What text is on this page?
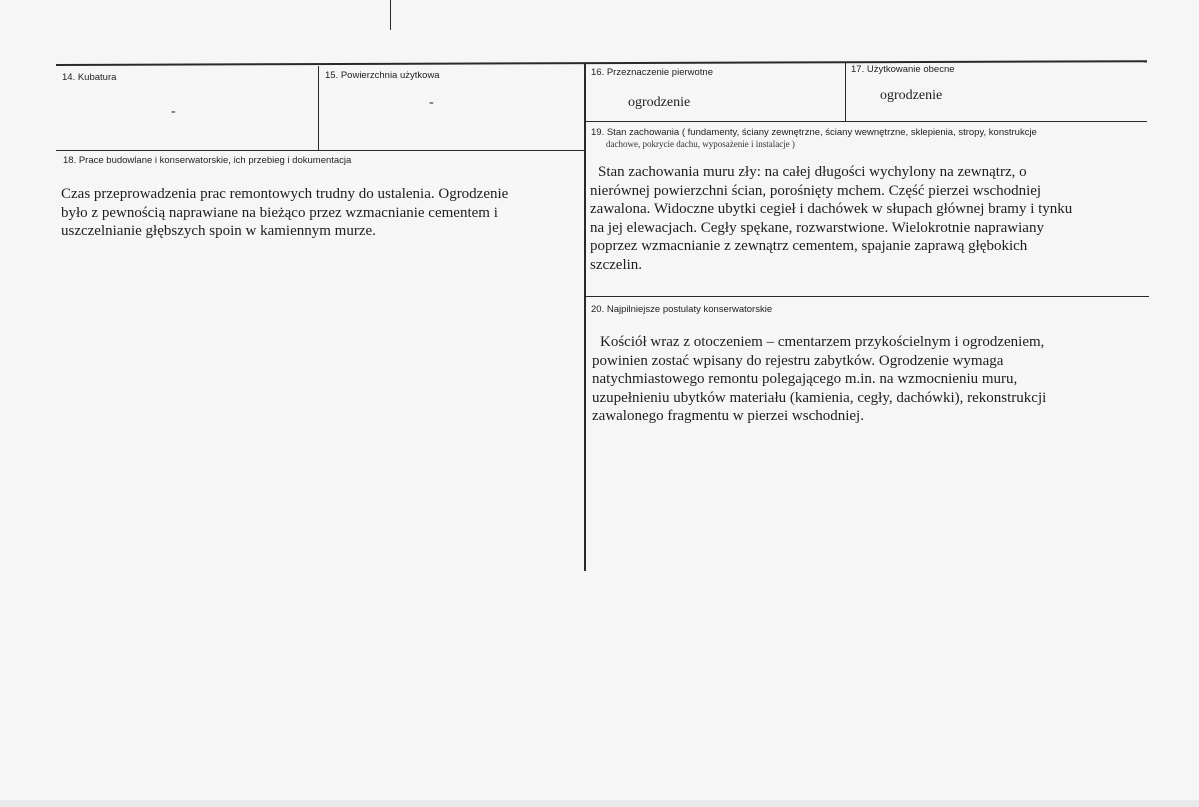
14. Kubatura
-
15. Powierzchnia użytkowa
-
16. Przeznaczenie pierwotne
ogrodzenie
17. Użytkowanie obecne
ogrodzenie
18. Prace budowlane i konserwatorskie, ich przebieg i dokumentacja
Czas przeprowadzenia prac remontowych trudny do ustalenia. Ogrodzenie
było z pewnością naprawiane na bieżąco przez wzmacnianie cementem i
uszczelnianie głębszych spoin w kamiennym murze.
19. Stan zachowania ( fundamenty, ściany zewnętrzne, ściany wewnętrzne, sklepienia, stropy, konstrukcje
dachowe, pokrycie dachu, wyposażenie i instalacje )
Stan zachowania muru zły: na całej długości wychylony na zewnątrz, o
nierównej powierzchni ścian, porośnięty mchem. Część pierzei wschodniej
zawalona. Widoczne ubytki cegieł i dachówek w słupach głównej bramy i tynku
na jej elewacjach. Cegły spękane, rozwarstwione. Wielokrotnie naprawiany
poprzez wzmacnianie z zewnątrz cementem, spajanie zaprawą głębokich
szczelin.
20. Najpilniejsze postulaty konserwatorskie
Kościół wraz z otoczeniem – cmentarzem przykościelnym i ogrodzeniem,
powinien zostać wpisany do rejestru zabytków. Ogrodzenie wymaga
natychmiastowego remontu polegającego m.in. na wzmocnieniu muru,
uzupełnieniu ubytków materiału (kamienia, cegły, dachówki), rekonstrukcji
zawalonego fragmentu w pierzei wschodniej.
